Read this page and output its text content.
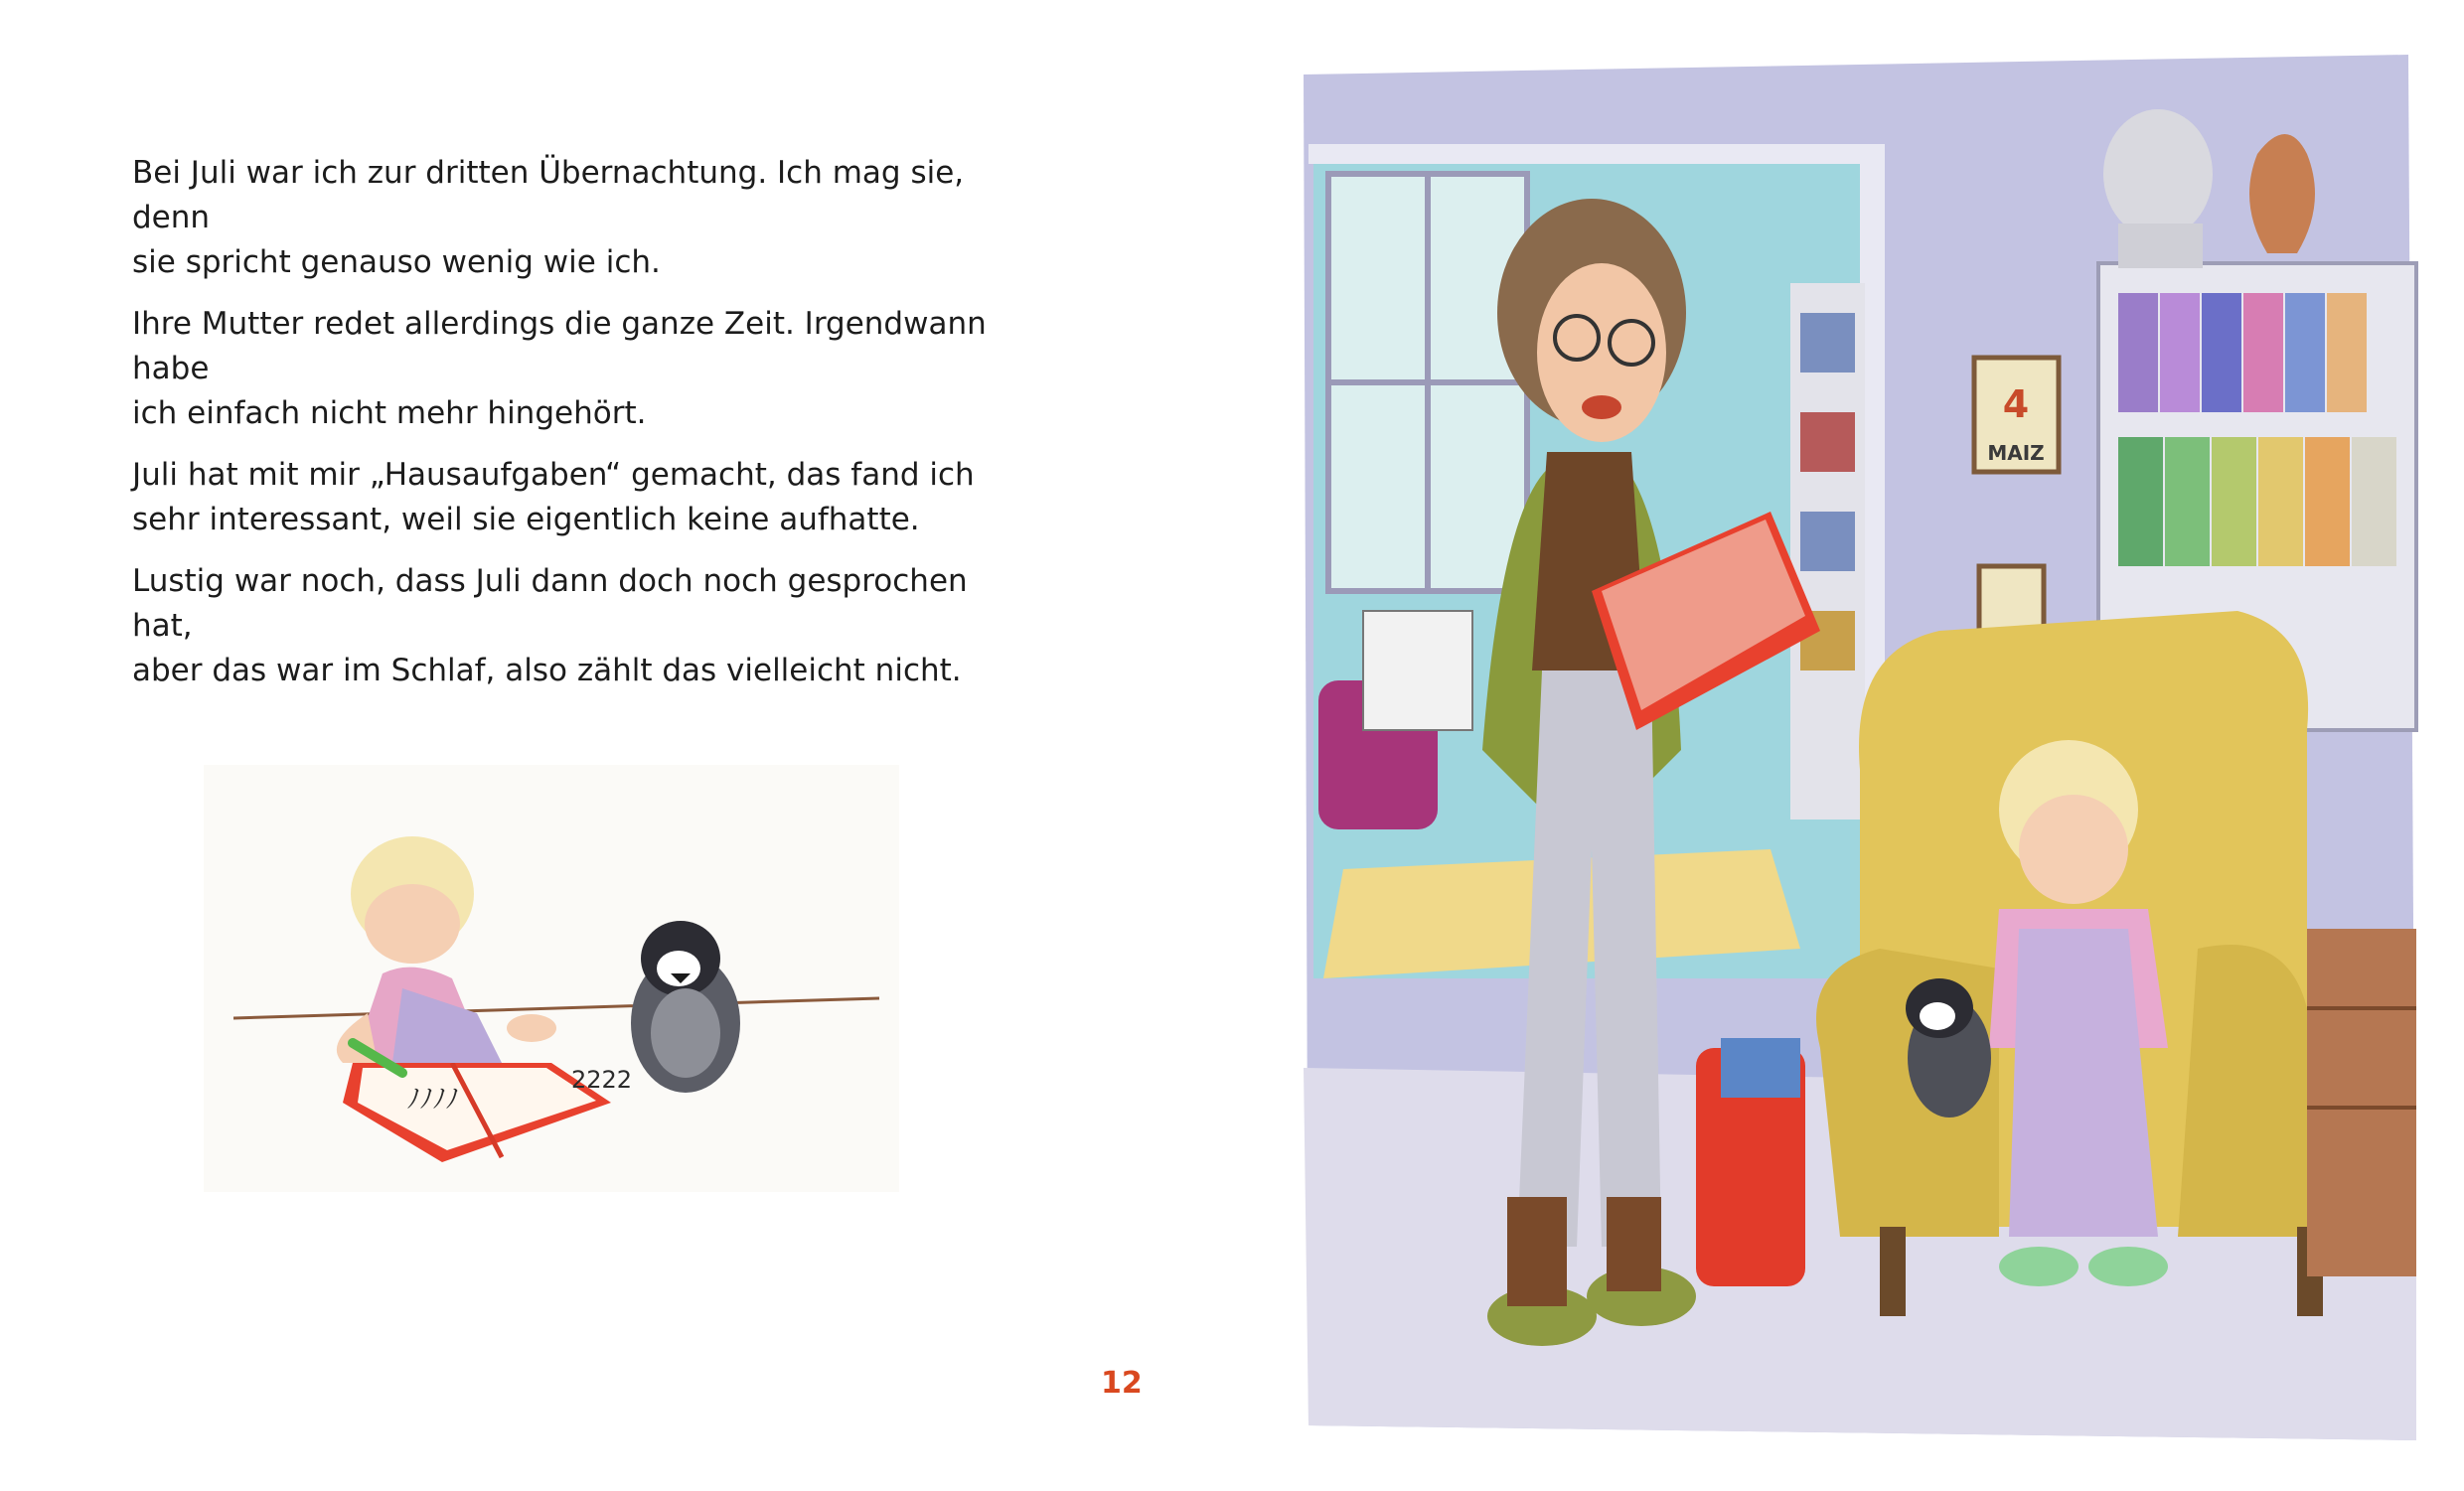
Bei Juli war ich zur dritten Übernachtung. Ich mag sie, denn
sie spricht genauso wenig wie ich.

Ihre Mutter redet allerdings die ganze Zeit. Irgendwann habe
ich einfach nicht mehr hingehört.

Juli hat mit mir „Hausaufgaben“ gemacht, das fand ich
sehr interessant, weil sie eigentlich keine aufhatte.

Lustig war noch, dass Juli dann doch noch gesprochen hat,
aber das war im Schlaf, also zählt das vielleicht nicht.

ﾉﾉﾉﾉ
2222
12
4
MAIZ
